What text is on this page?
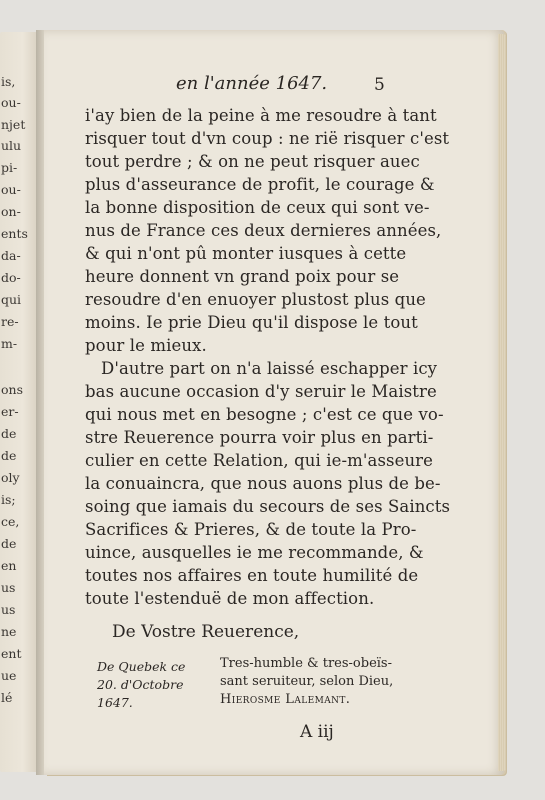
is,
ou-
njet
ulu
pi-
ou-
on-
ents
da-
do-
qui
re-
m-
ons
er-
de
de
oly
is;
ce,
de
en
us
us
ne
ent
ue
lé
en l'année 1647.	5
i'ay bien de la peine à me resoudre à tant
risquer tout d'vn coup : ne rië risquer c'est
tout perdre ; & on ne peut risquer auec
plus d'asseurance de profit, le courage &
la bonne disposition de ceux qui sont ve-
nus de France ces deux dernieres années,
& qui n'ont pû monter iusques à cette
heure donnent vn grand poix pour se
resoudre d'en enuoyer plustost plus que
moins. Ie prie Dieu qu'il dispose le tout
pour le mieux.
D'autre part on n'a laissé eschapper icy
bas aucune occasion d'y seruir le Maistre
qui nous met en besogne ; c'est ce que vo-
stre Reuerence pourra voir plus en parti-
culier en cette Relation, qui ie-m'asseure
la conuaincra, que nous auons plus de be-
soing que iamais du secours de ses Saincts
Sacrifices & Prieres, & de toute la Pro-
uince, ausquelles ie me recommande, &
toutes nos affaires en toute humilité de
toute l'estenduë de mon affection.
De Vostre Reuerence,
De Quebek ce
20. d'Octobre
1647.
Tres-humble & tres-obeïs-
sant seruiteur, selon Dieu,
Hierosme Lalemant.
A iij
